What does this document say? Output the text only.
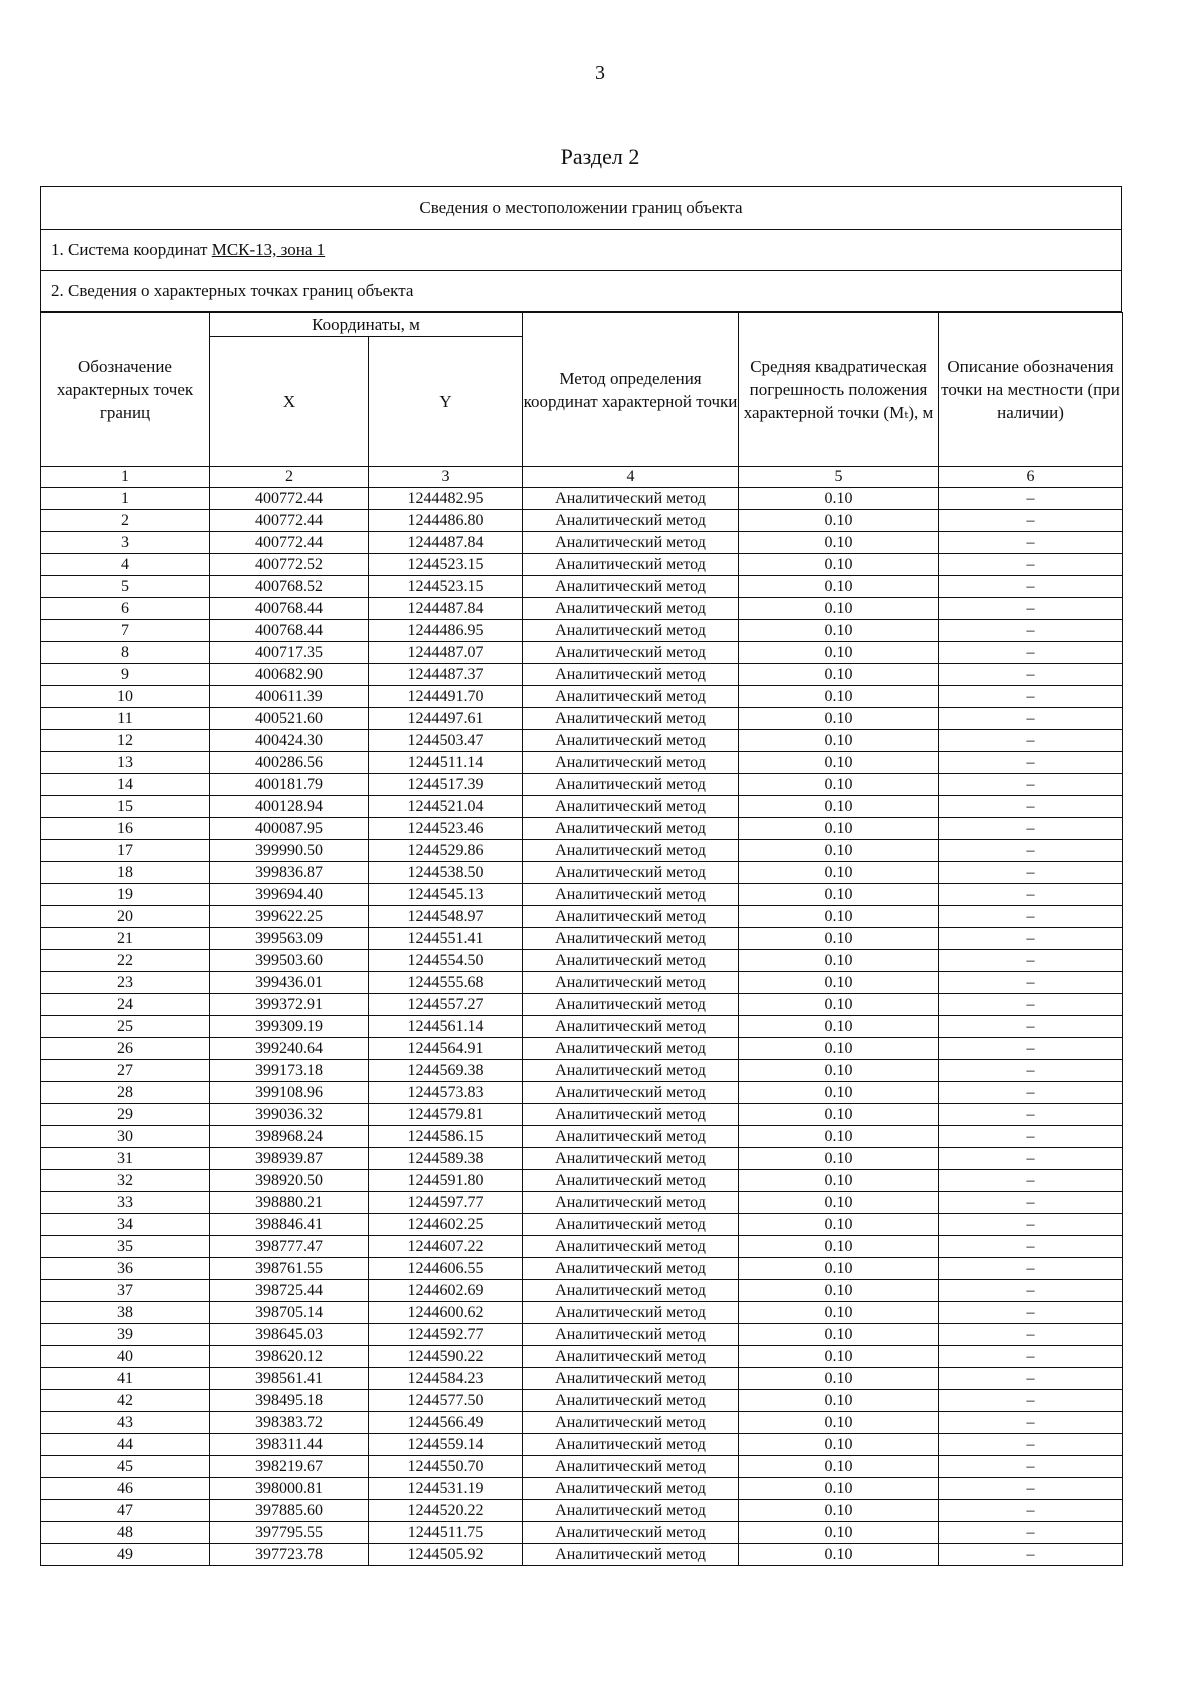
3
Раздел 2
Сведения о местоположении границ объекта
1. Система координат МСК-13, зона 1
2. Сведения о характерных точках границ объекта
Обозначение характерных точек границ	Координаты, м		Метод определения координат характерной точки	Средняя квадратическая погрешность положения характерной точки (Mₜ), м	Описание обозначения точки на местности (при наличии)
	X	Y			
1	2	3	4	5	6
1	400772.44	1244482.95	Аналитический метод	0.10	–
2	400772.44	1244486.80	Аналитический метод	0.10	–
3	400772.44	1244487.84	Аналитический метод	0.10	–
4	400772.52	1244523.15	Аналитический метод	0.10	–
5	400768.52	1244523.15	Аналитический метод	0.10	–
6	400768.44	1244487.84	Аналитический метод	0.10	–
7	400768.44	1244486.95	Аналитический метод	0.10	–
8	400717.35	1244487.07	Аналитический метод	0.10	–
9	400682.90	1244487.37	Аналитический метод	0.10	–
10	400611.39	1244491.70	Аналитический метод	0.10	–
11	400521.60	1244497.61	Аналитический метод	0.10	–
12	400424.30	1244503.47	Аналитический метод	0.10	–
13	400286.56	1244511.14	Аналитический метод	0.10	–
14	400181.79	1244517.39	Аналитический метод	0.10	–
15	400128.94	1244521.04	Аналитический метод	0.10	–
16	400087.95	1244523.46	Аналитический метод	0.10	–
17	399990.50	1244529.86	Аналитический метод	0.10	–
18	399836.87	1244538.50	Аналитический метод	0.10	–
19	399694.40	1244545.13	Аналитический метод	0.10	–
20	399622.25	1244548.97	Аналитический метод	0.10	–
21	399563.09	1244551.41	Аналитический метод	0.10	–
22	399503.60	1244554.50	Аналитический метод	0.10	–
23	399436.01	1244555.68	Аналитический метод	0.10	–
24	399372.91	1244557.27	Аналитический метод	0.10	–
25	399309.19	1244561.14	Аналитический метод	0.10	–
26	399240.64	1244564.91	Аналитический метод	0.10	–
27	399173.18	1244569.38	Аналитический метод	0.10	–
28	399108.96	1244573.83	Аналитический метод	0.10	–
29	399036.32	1244579.81	Аналитический метод	0.10	–
30	398968.24	1244586.15	Аналитический метод	0.10	–
31	398939.87	1244589.38	Аналитический метод	0.10	–
32	398920.50	1244591.80	Аналитический метод	0.10	–
33	398880.21	1244597.77	Аналитический метод	0.10	–
34	398846.41	1244602.25	Аналитический метод	0.10	–
35	398777.47	1244607.22	Аналитический метод	0.10	–
36	398761.55	1244606.55	Аналитический метод	0.10	–
37	398725.44	1244602.69	Аналитический метод	0.10	–
38	398705.14	1244600.62	Аналитический метод	0.10	–
39	398645.03	1244592.77	Аналитический метод	0.10	–
40	398620.12	1244590.22	Аналитический метод	0.10	–
41	398561.41	1244584.23	Аналитический метод	0.10	–
42	398495.18	1244577.50	Аналитический метод	0.10	–
43	398383.72	1244566.49	Аналитический метод	0.10	–
44	398311.44	1244559.14	Аналитический метод	0.10	–
45	398219.67	1244550.70	Аналитический метод	0.10	–
46	398000.81	1244531.19	Аналитический метод	0.10	–
47	397885.60	1244520.22	Аналитический метод	0.10	–
48	397795.55	1244511.75	Аналитический метод	0.10	–
49	397723.78	1244505.92	Аналитический метод	0.10	–
